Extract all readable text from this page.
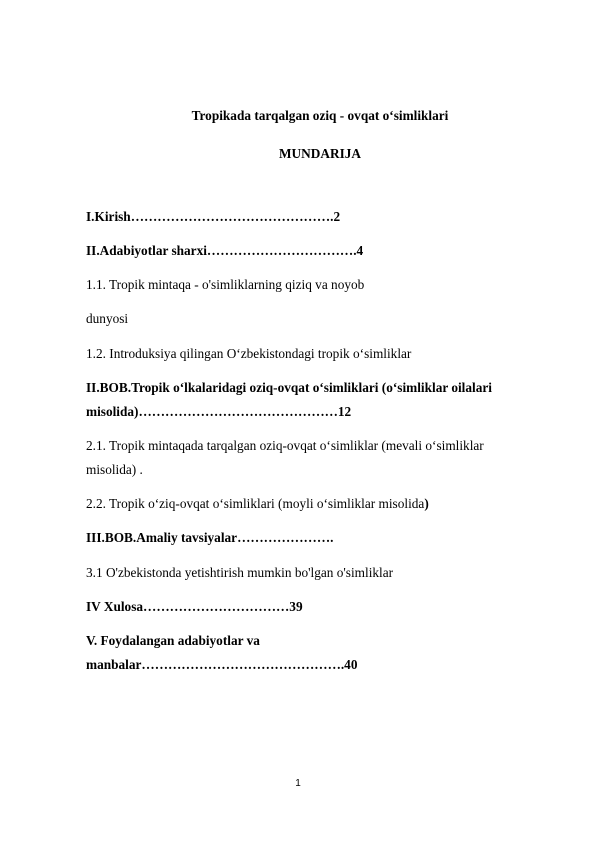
Tropikada tarqalgan oziq - ovqat o‘simliklari
MUNDARIJA
I.Kirish……………………………………….2
II.Adabiyotlar sharxi…………………………….4
1.1. Tropik mintaqa - o'simliklarning qiziq va noyob
dunyosi
1.2. Introduksiya qilingan O‘zbekistondagi tropik o‘simliklar
II.BOB.Tropik o‘lkalaridagi oziq-ovqat o‘simliklari (o‘simliklar oilalari
misolida)………………………………………12
2.1. Tropik mintaqada tarqalgan oziq-ovqat o‘simliklar (mevali o‘simliklar
misolida) .
2.2. Tropik o‘ziq-ovqat o‘simliklari (moyli o‘simliklar misolida)
III.BOB.Amaliy tavsiyalar………………….
3.1 O'zbekistonda yetishtirish mumkin bo'lgan o'simliklar
IV Xulosa……………………………39
V. Foydalangan adabiyotlar va
manbalar……………………………………….40
1
